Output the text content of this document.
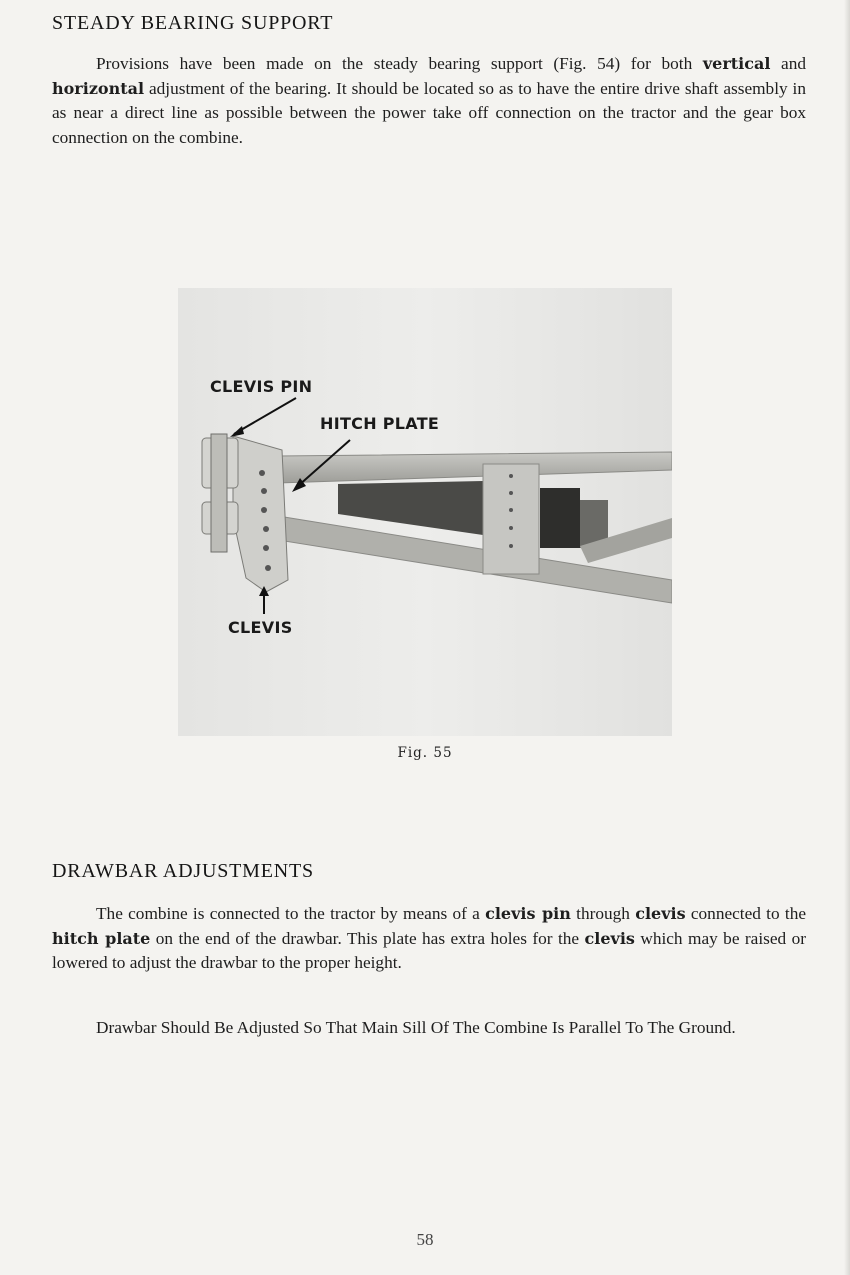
STEADY BEARING SUPPORT

Provisions have been made on the steady bearing support (Fig. 54) for both vertical and horizontal adjustment of the bearing. It should be located so as to have the entire drive shaft assembly in as near a direct line as possible between the power take off connection on the tractor and the gear box connection on the combine.

CLEVIS PIN
HITCH PLATE
CLEVIS
Fig. 55
DRAWBAR ADJUSTMENTS

The combine is connected to the tractor by means of a clevis pin through clevis connected to the hitch plate on the end of the drawbar. This plate has extra holes for the clevis which may be raised or lowered to adjust the drawbar to the proper height.

Drawbar Should Be Adjusted So That Main Sill Of The Combine Is Parallel To The Ground.

58
